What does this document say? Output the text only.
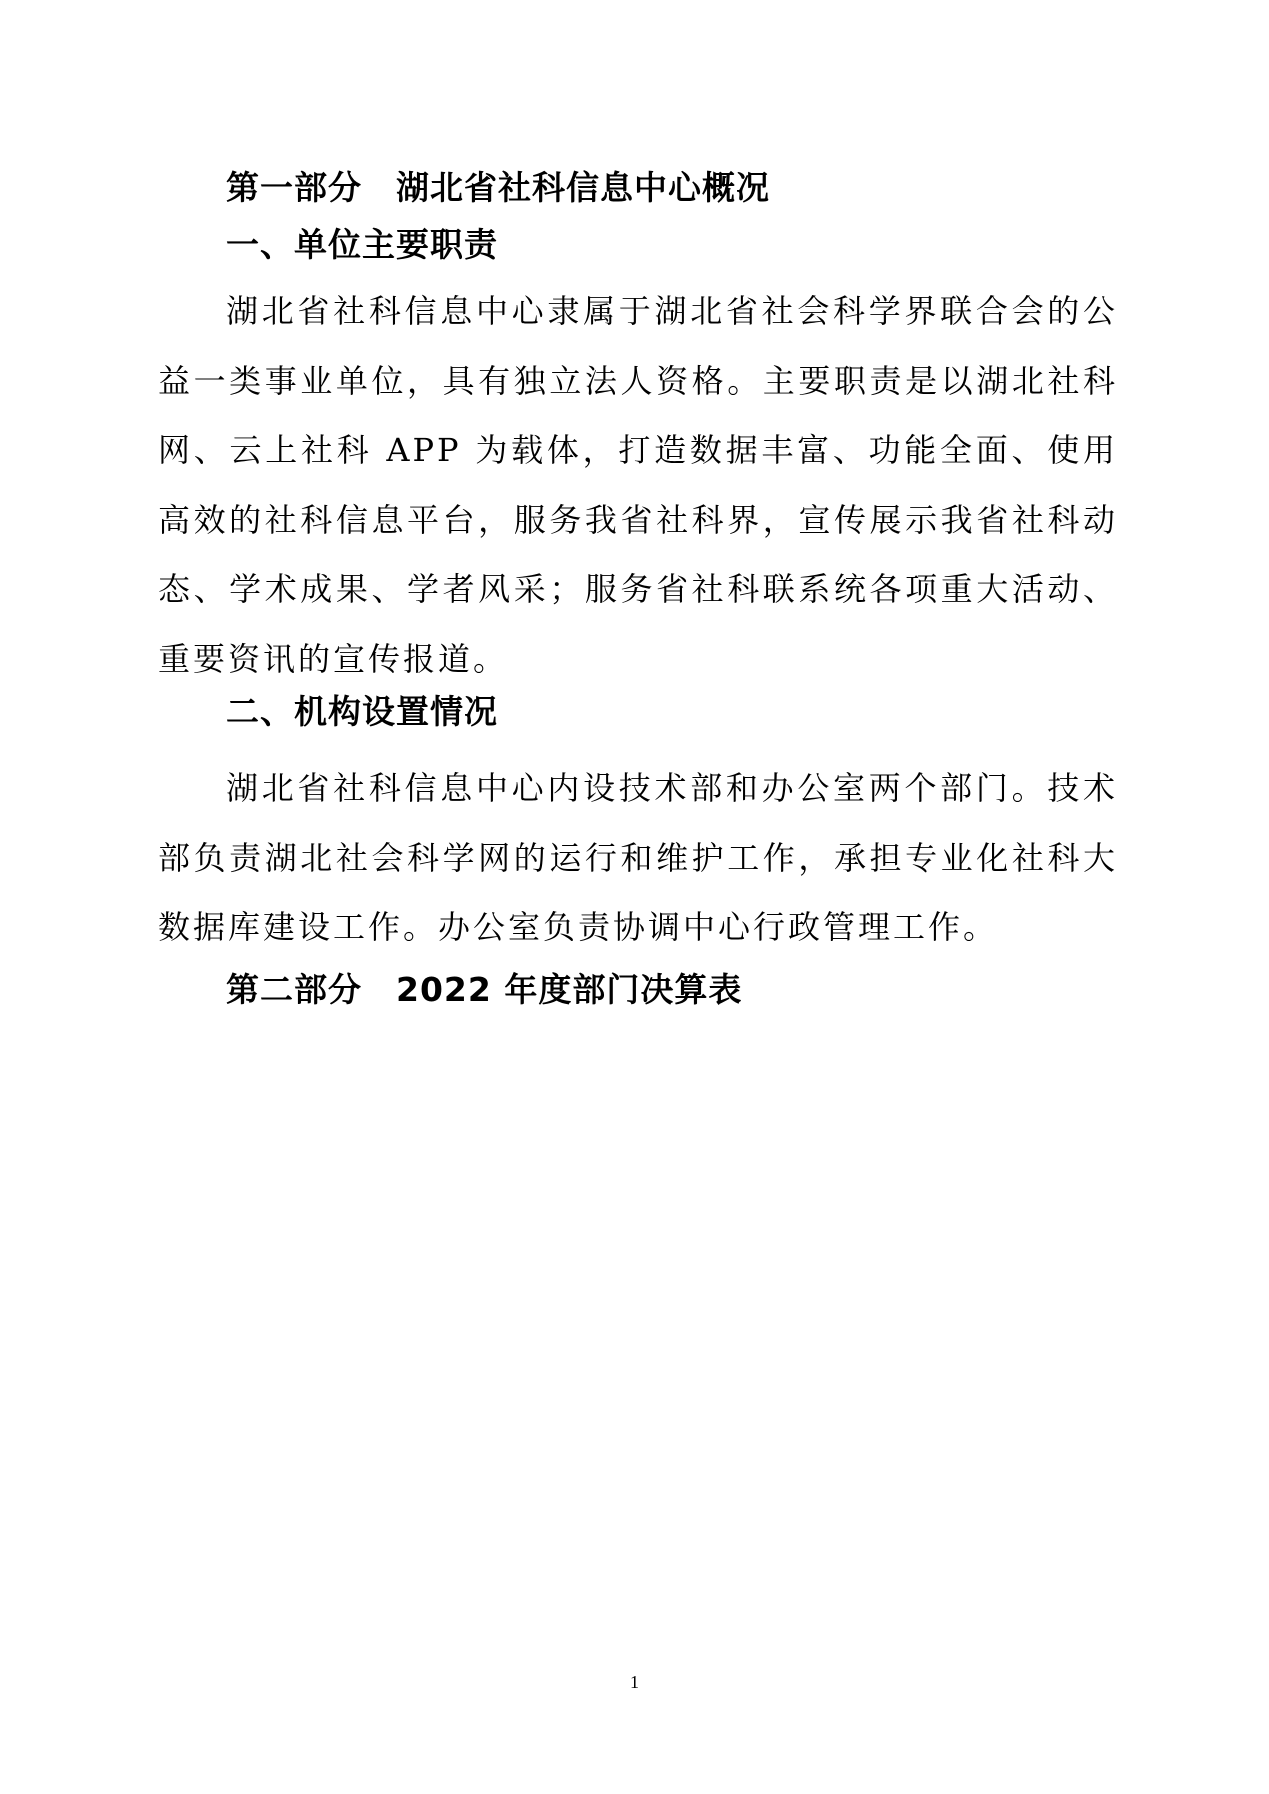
第一部分　湖北省社科信息中心概况
一、单位主要职责
湖北省社科信息中心隶属于湖北省社会科学界联合会的公益一类事业单位，具有独立法人资格。主要职责是以湖北社科网、云上社科 APP 为载体，打造数据丰富、功能全面、使用高效的社科信息平台，服务我省社科界，宣传展示我省社科动态、学术成果、学者风采；服务省社科联系统各项重大活动、重要资讯的宣传报道。
二、机构设置情况
湖北省社科信息中心内设技术部和办公室两个部门。技术部负责湖北社会科学网的运行和维护工作，承担专业化社科大数据库建设工作。办公室负责协调中心行政管理工作。
第二部分　2022 年度部门决算表
1
